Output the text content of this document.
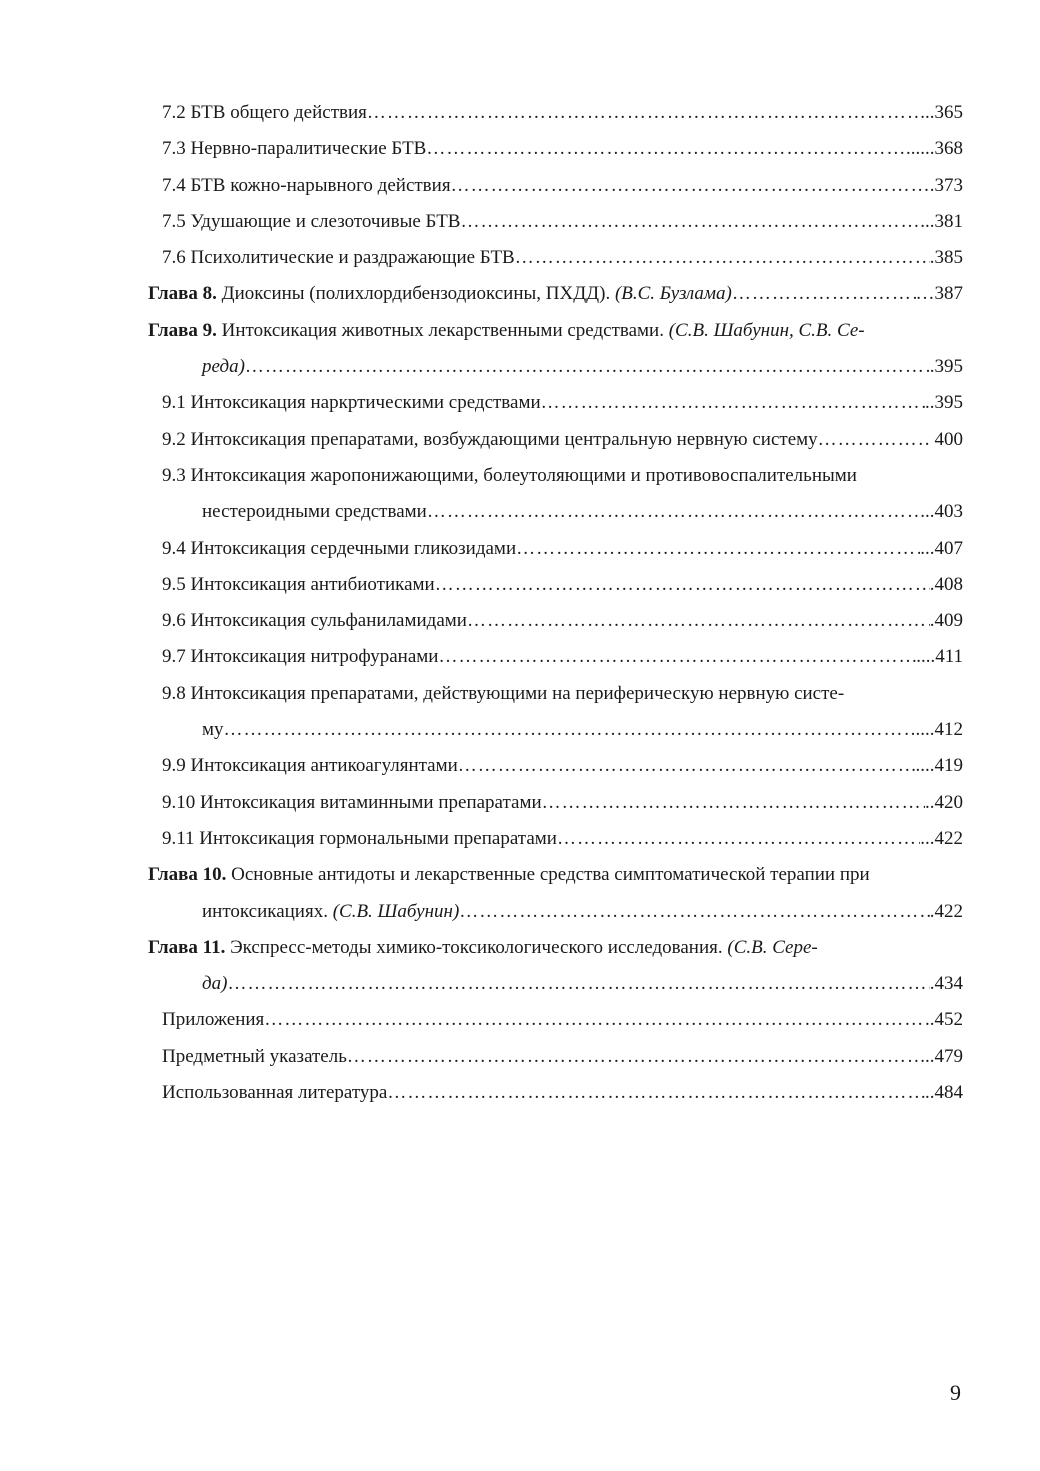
7.2 БТВ общего действия …………………………………………………………………………………………………………………………………………………………………………………………………………………………………………	...365
7.3 Нервно-паралитические БТВ …………………………………………………………………………………………………………………………………………………………………………………………………………………………………………	......368
7.4 БТВ кожно-нарывного действия …………………………………………………………………………………………………………………………………………………………………………………………………………………………………………	.373
7.5 Удушающие и слезоточивые БТВ …………………………………………………………………………………………………………………………………………………………………………………………………………………………………………	...381
7.6 Психолитические и раздражающие БТВ …………………………………………………………………………………………………………………………………………………………………………………………………………………………………………	.385
Глава 8. Диоксины (полихлордибензодиоксины, ПХДД). (В.С. Бузлама) …………………………………………………………………………………………………………………………………………………………………………………………………………………………………………	…387
Глава 9. Интоксикация животных лекарственными средствами. (С.В. Шабунин, С.В. Се-
реда) …………………………………………………………………………………………………………………………………………………………………………………………………………………………………………	.395
9.1 Интоксикация наркртическими средствами …………………………………………………………………………………………………………………………………………………………………………………………………………………………………………	..395
9.2 Интоксикация препаратами, возбуждающими центральную нервную систему …………………………………………………………………………………………………………………………………………………………………………………………………………………………………………	400
9.3 Интоксикация жаропонижающими, болеутоляющими и противовоспалительными
нестероидными средствами …………………………………………………………………………………………………………………………………………………………………………………………………………………………………………	...403
9.4 Интоксикация сердечными гликозидами …………………………………………………………………………………………………………………………………………………………………………………………………………………………………………	...407
9.5 Интоксикация антибиотиками …………………………………………………………………………………………………………………………………………………………………………………………………………………………………………	.408
9.6 Интоксикация сульфаниламидами …………………………………………………………………………………………………………………………………………………………………………………………………………………………………………	.409
9.7 Интоксикация нитрофуранами …………………………………………………………………………………………………………………………………………………………………………………………………………………………………………	....411
9.8 Интоксикация препаратами, действующими на периферическую нервную систе-
му …………………………………………………………………………………………………………………………………………………………………………………………………………………………………………	....412
9.9 Интоксикация антикоагулянтами …………………………………………………………………………………………………………………………………………………………………………………………………………………………………………	....419
9.10 Интоксикация витаминными препаратами …………………………………………………………………………………………………………………………………………………………………………………………………………………………………………	..420
9.11 Интоксикация гормональными препаратами …………………………………………………………………………………………………………………………………………………………………………………………………………………………………………	...422
Глава 10. Основные антидоты и лекарственные средства симптоматической терапии при
интоксикациях. (С.В. Шабунин) …………………………………………………………………………………………………………………………………………………………………………………………………………………………………………	.422
Глава 11. Экспресс-методы химико-токсикологического исследования. (С.В. Сере-
да) …………………………………………………………………………………………………………………………………………………………………………………………………………………………………………	.434
Приложения …………………………………………………………………………………………………………………………………………………………………………………………………………………………………………	.452
Предметный указатель …………………………………………………………………………………………………………………………………………………………………………………………………………………………………………	...479
Использованная литература …………………………………………………………………………………………………………………………………………………………………………………………………………………………………………	..484
9
